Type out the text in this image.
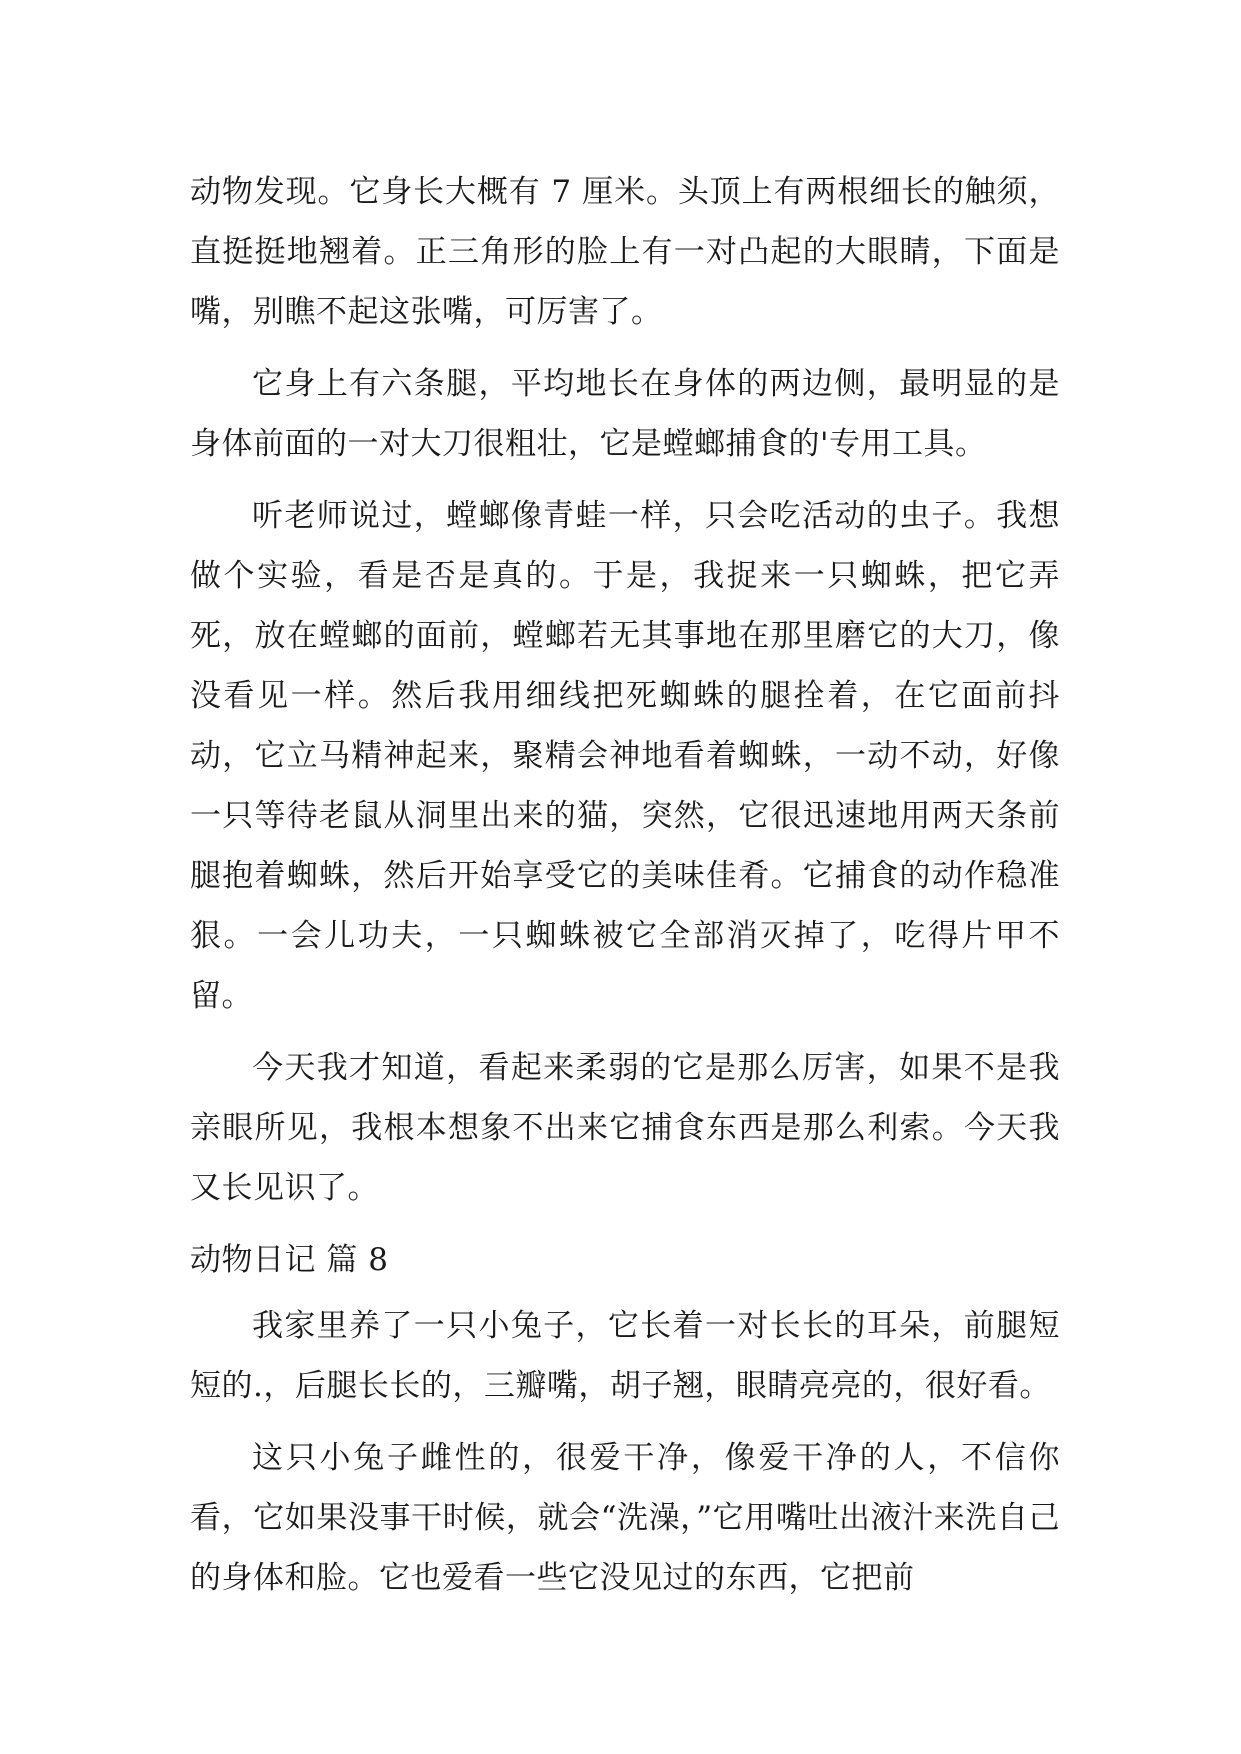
动物发现。它身长大概有 7 厘米。头顶上有两根细长的触须，直挺挺地翘着。正三角形的脸上有一对凸起的大眼睛，下面是嘴，别瞧不起这张嘴，可厉害了。

它身上有六条腿，平均地长在身体的两边侧，最明显的是身体前面的一对大刀很粗壮，它是螳螂捕食的'专用工具。

听老师说过，螳螂像青蛙一样，只会吃活动的虫子。我想做个实验，看是否是真的。于是，我捉来一只蜘蛛，把它弄死，放在螳螂的面前，螳螂若无其事地在那里磨它的大刀，像没看见一样。然后我用细线把死蜘蛛的腿拴着，在它面前抖动，它立马精神起来，聚精会神地看着蜘蛛，一动不动，好像一只等待老鼠从洞里出来的猫，突然，它很迅速地用两天条前腿抱着蜘蛛，然后开始享受它的美味佳肴。它捕食的动作稳准狠。一会儿功夫，一只蜘蛛被它全部消灭掉了，吃得片甲不留。

今天我才知道，看起来柔弱的它是那么厉害，如果不是我亲眼所见，我根本想象不出来它捕食东西是那么利索。今天我又长见识了。

动物日记 篇 8

我家里养了一只小兔子，它长着一对长长的耳朵，前腿短短的.，后腿长长的，三瓣嘴，胡子翘，眼睛亮亮的，很好看。

这只小兔子雌性的，很爱干净，像爱干净的人，不信你看，它如果没事干时候，就会“洗澡，”它用嘴吐出液汁来洗自己的身体和脸。它也爱看一些它没见过的东西，它把前
